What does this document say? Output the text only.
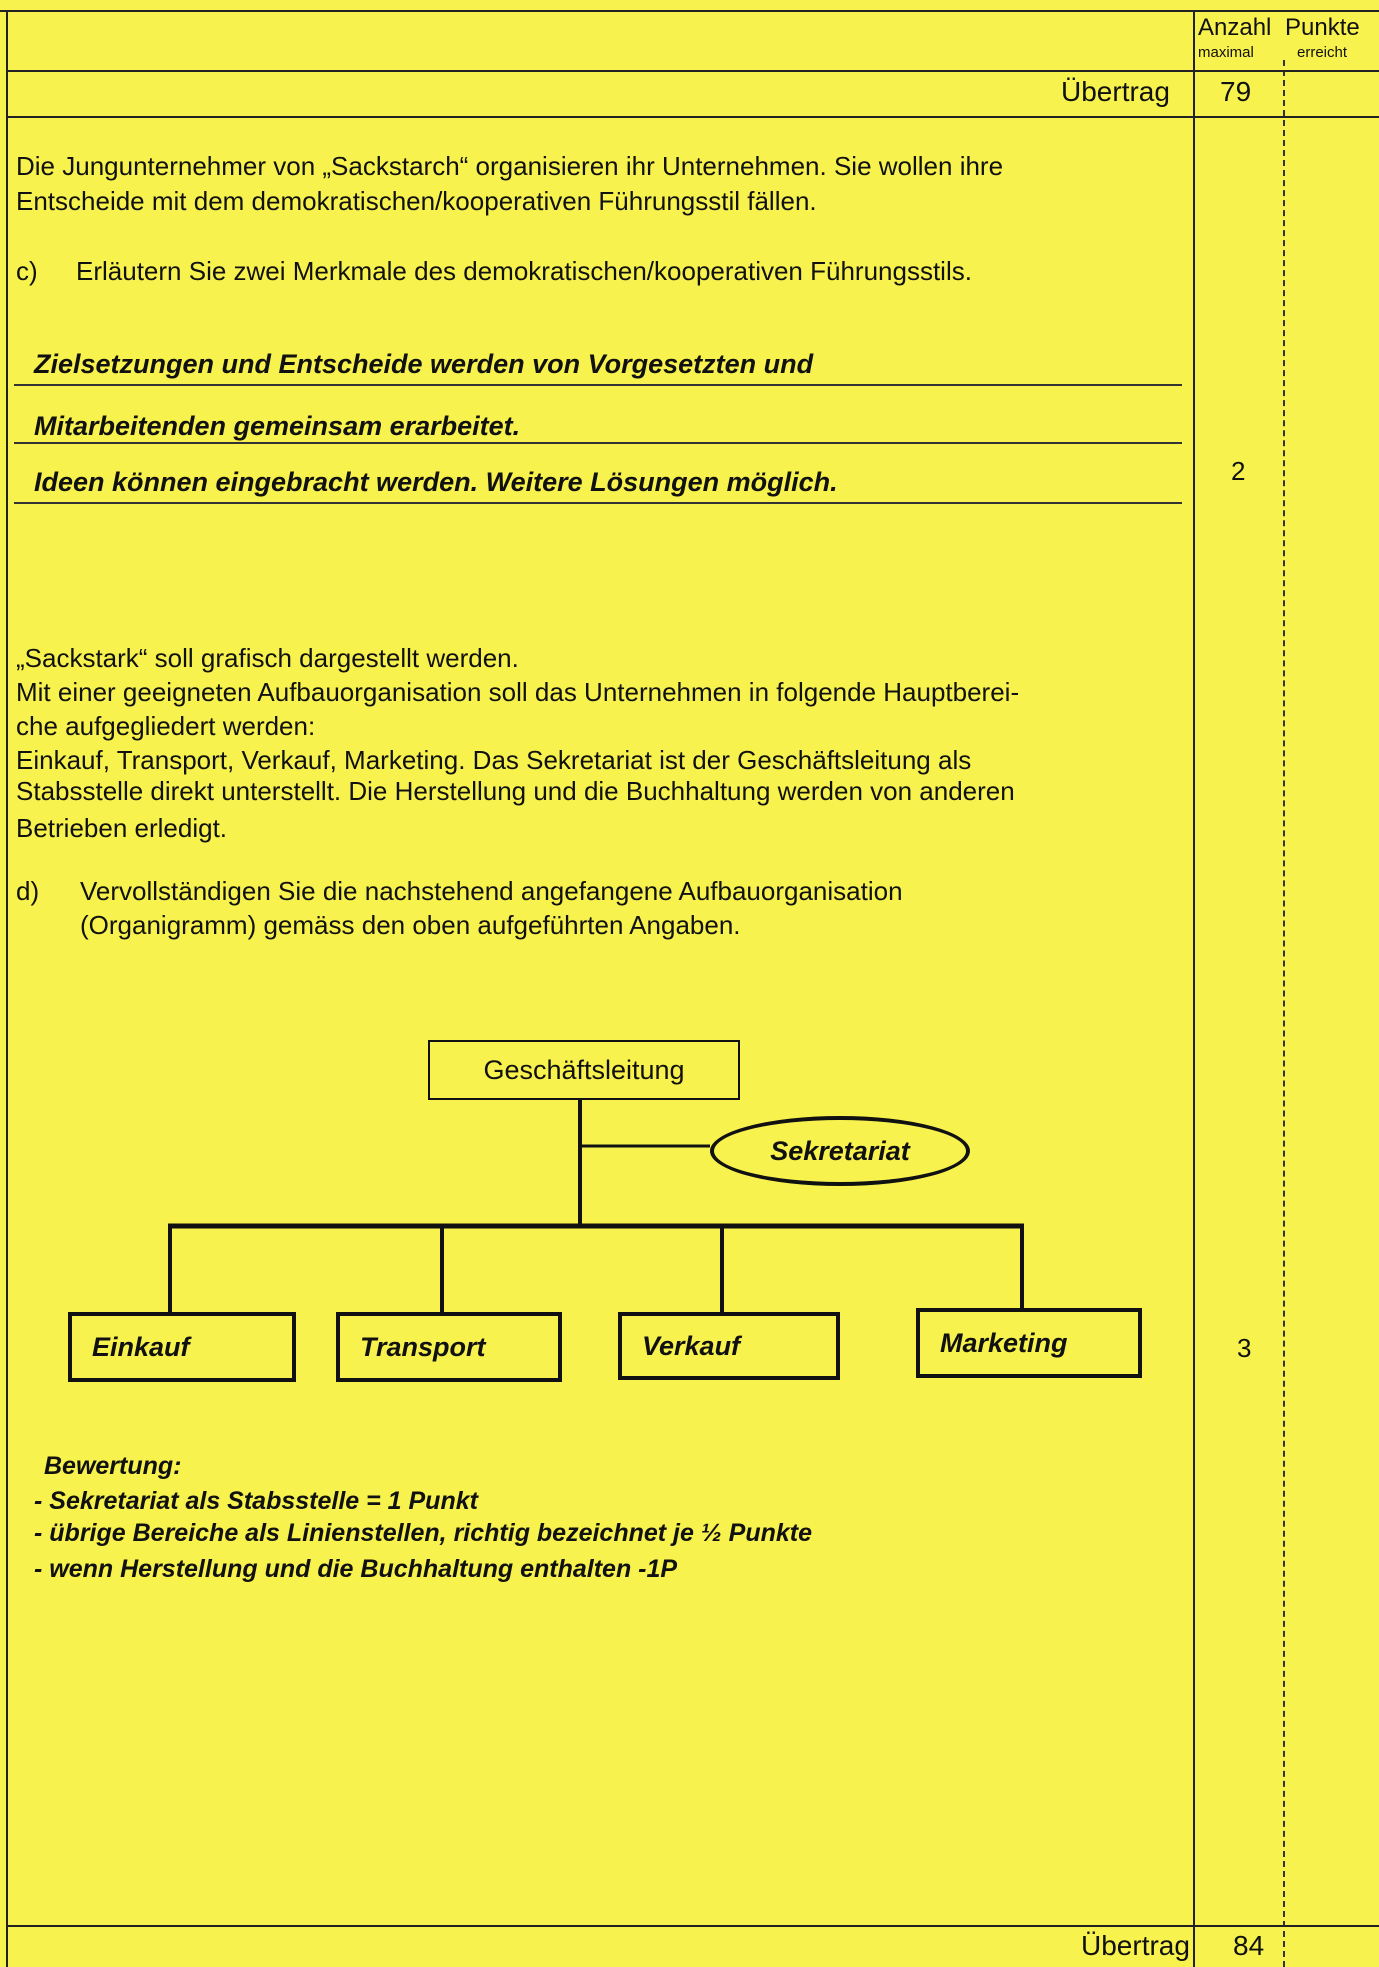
Anzahl Punkte
maximal	erreicht
Übertrag 79
Die Jungunternehmer von „Sackstarch“ organisieren ihr Unternehmen. Sie wollen ihre
Entscheide mit dem demokratischen/kooperativen Führungsstil fällen.
c) Erläutern Sie zwei Merkmale des demokratischen/kooperativen Führungsstils.
Zielsetzungen und Entscheide werden von Vorgesetzten und
Mitarbeitenden gemeinsam erarbeitet.
Ideen können eingebracht werden. Weitere Lösungen möglich.	2
„Sackstark“ soll grafisch dargestellt werden.
Mit einer geeigneten Aufbauorganisation soll das Unternehmen in folgende Hauptberei-
che aufgegliedert werden:
Einkauf, Transport, Verkauf, Marketing. Das Sekretariat ist der Geschäftsleitung als
Stabsstelle direkt unterstellt. Die Herstellung und die Buchhaltung werden von anderen
Betrieben erledigt.
d) Vervollständigen Sie die nachstehend angefangene Aufbauorganisation
(Organigramm) gemäss den oben aufgeführten Angaben.
Geschäftsleitung
Sekretariat
Einkauf	Transport	Verkauf	Marketing	3
Bewertung:
- Sekretariat als Stabsstelle = 1 Punkt
- übrige Bereiche als Linienstellen, richtig bezeichnet je ½ Punkte
- wenn Herstellung und die Buchhaltung enthalten -1P
Übertrag 84
